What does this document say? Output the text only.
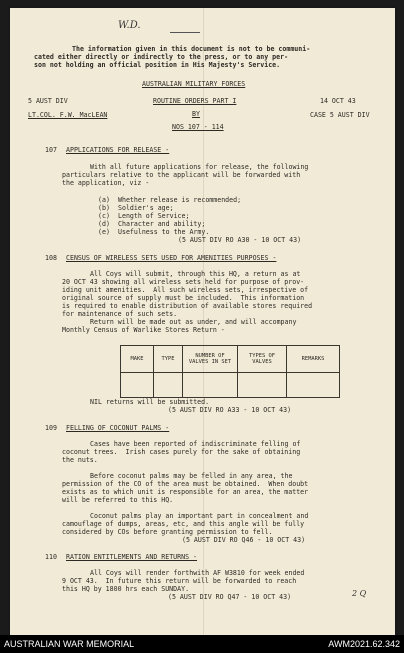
W.D.
The information given in this document is not to be communi-
cated either directly or indirectly to the press, or to any per-
son not holding an official position in His Majesty's Service.
AUSTRALIAN MILITARY FORCES
5 AUST DIV	ROUTINE ORDERS PART I	14 OCT 43
LT.COL. F.W. MacLEAN	BY	CASE 5 AUST DIV
NOS 107 - 114
107 APPLICATIONS FOR RELEASE -
With all future applications for release, the following
particulars relative to the applicant will be forwarded with
the application, viz -
(a) Whether release is recommended;
(b) Soldier's age;
(c) Length of Service;
(d) Character and ability;
(e) Usefulness to the Army.
(5 AUST DIV RO A30 - 10 OCT 43)
108 CENSUS OF WIRELESS SETS USED FOR AMENITIES PURPOSES -
All Coys will submit, through this HQ, a return as at
20 OCT 43 showing all wireless sets held for purpose of prov-
iding unit amenities.  All such wireless sets, irrespective of
original source of supply must be included.  This information
is required to enable distribution of available stores required
for maintenance of such sets.
Return will be made out as under, and will accompany
Monthly Census of Warlike Stores Return -
MAKE	TYPE	NUMBER OF VALVES IN SET	TYPES OF VALVES	REMARKS

NIL returns will be submitted.
(5 AUST DIV RO A33 - 10 OCT 43)
109 FELLING OF COCONUT PALMS -
Cases have been reported of indiscriminate felling of
coconut trees.  Irish cases purely for the sake of obtaining
the nuts.
Before coconut palms may be felled in any area, the
permission of the CO of the area must be obtained.  When doubt
exists as to which unit is responsible for an area, the matter
will be referred to this HQ.
Coconut palms play an important part in concealment and
camouflage of dumps, areas, etc, and this angle will be fully
considered by COs before granting permission to fell.
(5 AUST DIV RO Q46 - 10 OCT 43)
110 RATION ENTITLEMENTS AND RETURNS -
All Coys will render forthwith AF W3810 for week ended
9 OCT 43.  In future this return will be forwarded to reach
this HQ by 1800 hrs each SUNDAY.
(5 AUST DIV RO Q47 - 10 OCT 43)	2 Q
AUSTRALIAN WAR MEMORIAL	AWM2021.62.342
